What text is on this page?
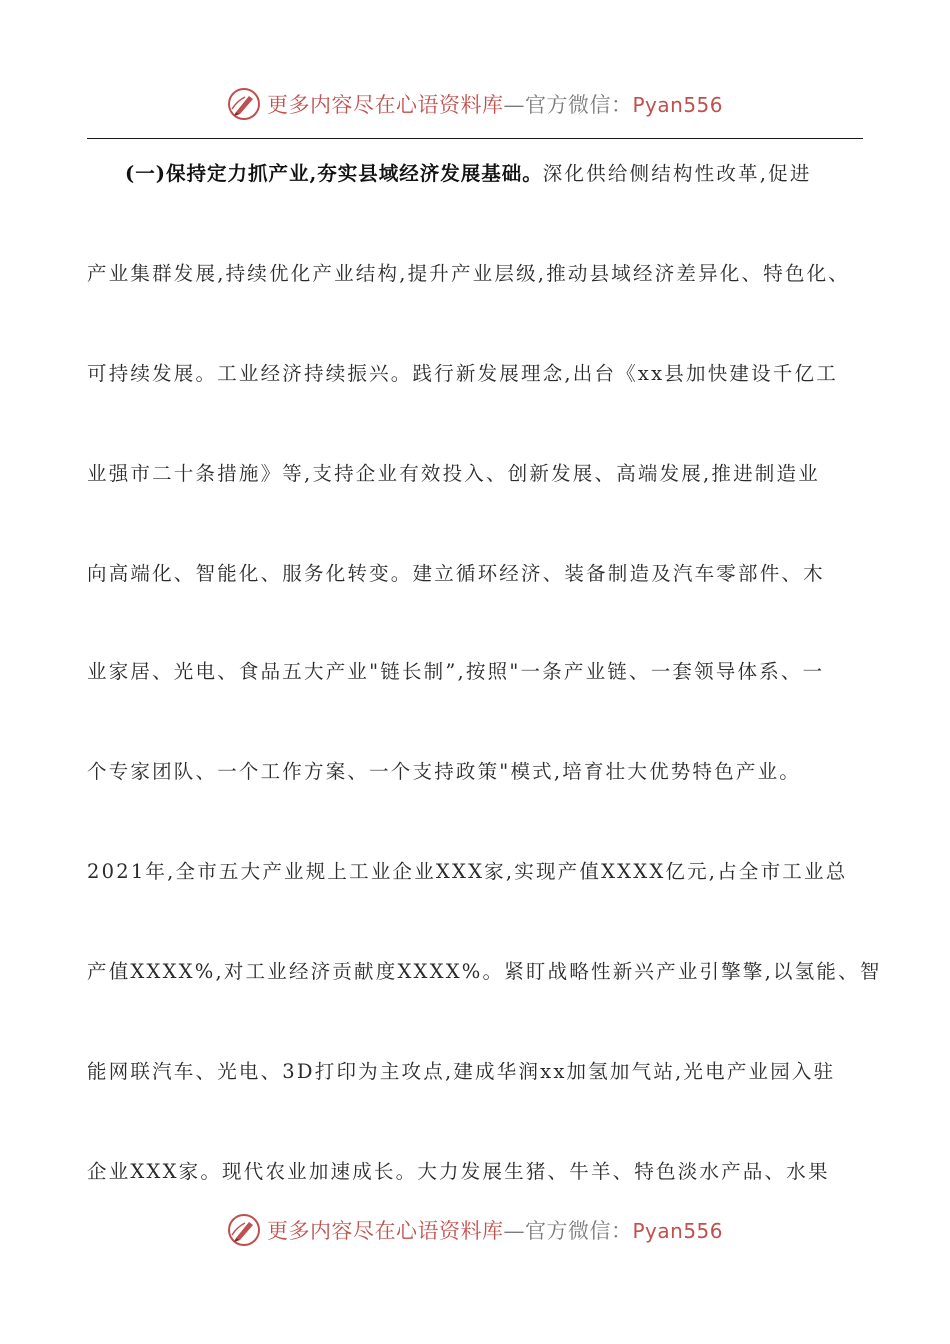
更多内容尽在心语资料库—官方微信：Pyan556
(一)保持定力抓产业,夯实县域经济发展基础。深化供给侧结构性改革,促进
产业集群发展,持续优化产业结构,提升产业层级,推动县域经济差异化、特色化、
可持续发展。工业经济持续振兴。践行新发展理念,出台《xx县加快建设千亿工
业强市二十条措施》等,支持企业有效投入、创新发展、高端发展,推进制造业
向高端化、智能化、服务化转变。建立循环经济、装备制造及汽车零部件、木
业家居、光电、食品五大产业"链长制”,按照"一条产业链、一套领导体系、一
个专家团队、一个工作方案、一个支持政策"模式,培育壮大优势特色产业。
2021年,全市五大产业规上工业企业XXX家,实现产值XXXX亿元,占全市工业总
产值XXXX%,对工业经济贡献度XXXX%。紧盯战略性新兴产业引擎擎,以氢能、智
能网联汽车、光电、3D打印为主攻点,建成华润xx加氢加气站,光电产业园入驻
企业XXX家。现代农业加速成长。大力发展生猪、牛羊、特色淡水产品、水果
更多内容尽在心语资料库—官方微信：Pyan556
